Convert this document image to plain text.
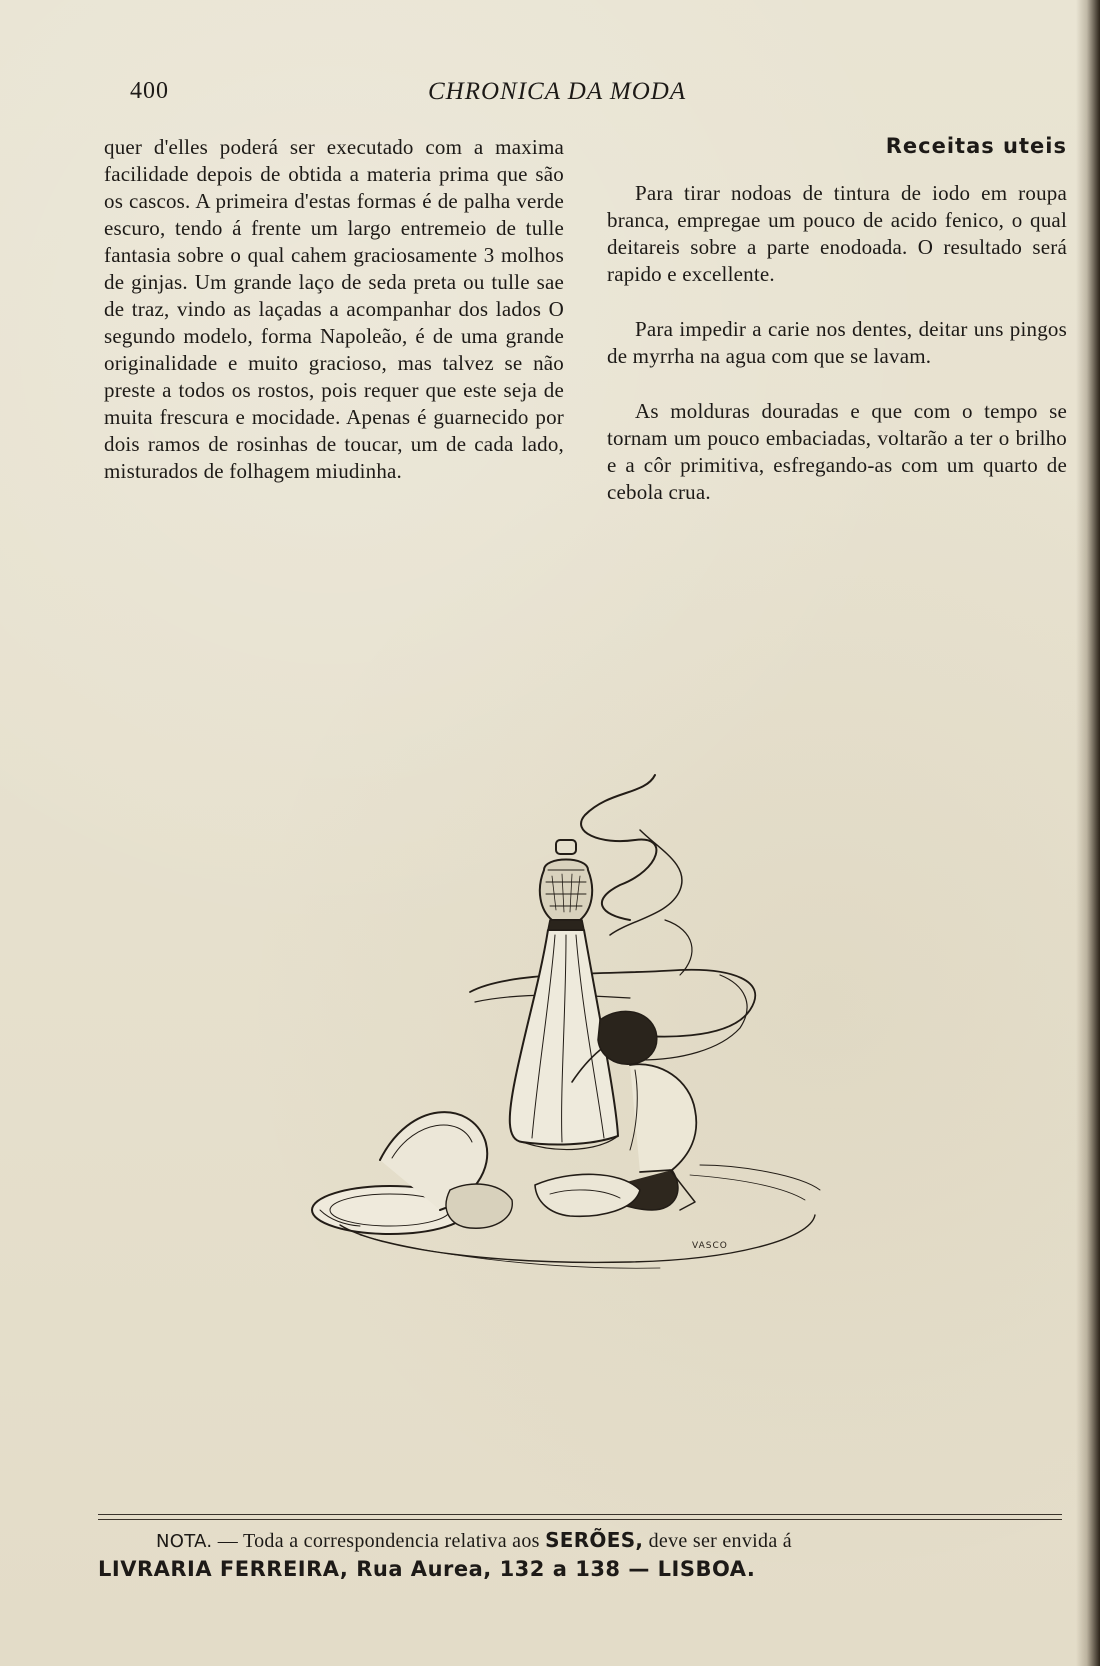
400	CHRONICA DA MODA
quer d'elles poderá ser executado com a maxima facilidade depois de obtida a materia prima que são os cascos. A primeira d'estas formas é de palha verde escuro, tendo á frente um largo entremeio de tulle fantasia sobre o qual cahem graciosamente 3 molhos de ginjas. Um grande laço de seda preta ou tulle sae de traz, vindo as laçadas a acompanhar dos lados O segundo modelo, forma Napoleão, é de uma grande originalidade e muito gracioso, mas talvez se não preste a todos os rostos, pois requer que este seja de muita frescura e mocidade. Apenas é guarnecido por dois ramos de rosinhas de toucar, um de cada lado, misturados de folhagem miudinha.
Receitas uteis

Para tirar nodoas de tintura de iodo em roupa branca, empregae um pouco de acido fenico, o qual deitareis sobre a parte enodoada. O resultado será rapido e excellente.

Para impedir a carie nos dentes, deitar uns pingos de myrrha na agua com que se lavam.

As molduras douradas e que com o tempo se tornam um pouco embaciadas, voltarão a ter o brilho e a côr primitiva, esfregando-as com um quarto de cebola crua.

VASCO
NOTA. — Toda a correspondencia relativa aos SERÕES, deve ser envida á
LIVRARIA FERREIRA, Rua Aurea, 132 a 138 — LISBOA.
